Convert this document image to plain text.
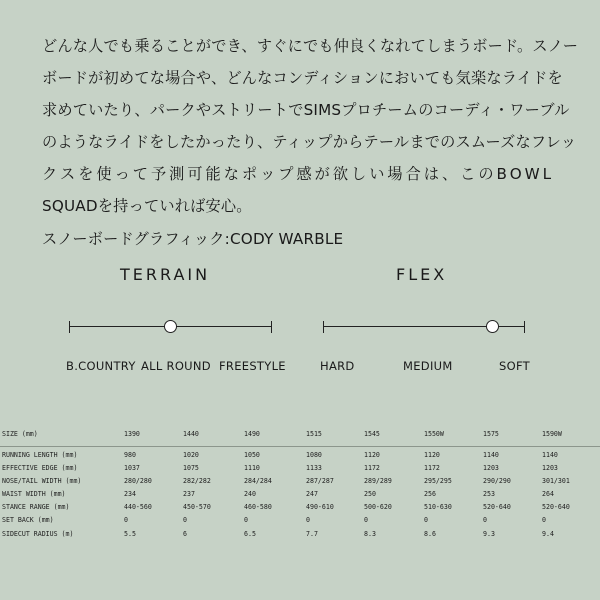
どんな人でも乗ることができ、すぐにでも仲良くなれてしまうボード。スノー

ボードが初めてな場合や、どんなコンディションにおいても気楽なライドを

求めていたり、パークやストリートでSIMSプロチームのコーディ・ワーブル

のようなライドをしたかったり、ティップからテールまでのスムーズなフレッ

クスを使って予測可能なポップ感が欲しい場合は、このBOWL

SQUADを持っていれば安心。

スノーボードグラフィック:CODY WARBLE

TERRAIN
B.COUNTRY ALL ROUND FREESTYLE
FLEX
HARD	MEDIUM	SOFT
SIZE (mm)	1390	1440	1490	1515	1545	1550W	1575	1590W
RUNNING LENGTH (mm)	980	1020	1050	1080	1120	1120	1140	1140
EFFECTIVE EDGE (mm)	1037	1075	1110	1133	1172	1172	1203	1203
NOSE/TAIL WIDTH (mm)	280/280	282/282	284/284	287/287	289/289	295/295	290/290	301/301
WAIST WIDTH (mm)	234	237	240	247	250	256	253	264
STANCE RANGE (mm)	440-560	450-570	460-580	490-610	500-620	510-630	520-640	520-640
SET BACK (mm)	0	0	0	0	0	0	0	0
SIDECUT RADIUS (m)	5.5	6	6.5	7.7	8.3	8.6	9.3	9.4
